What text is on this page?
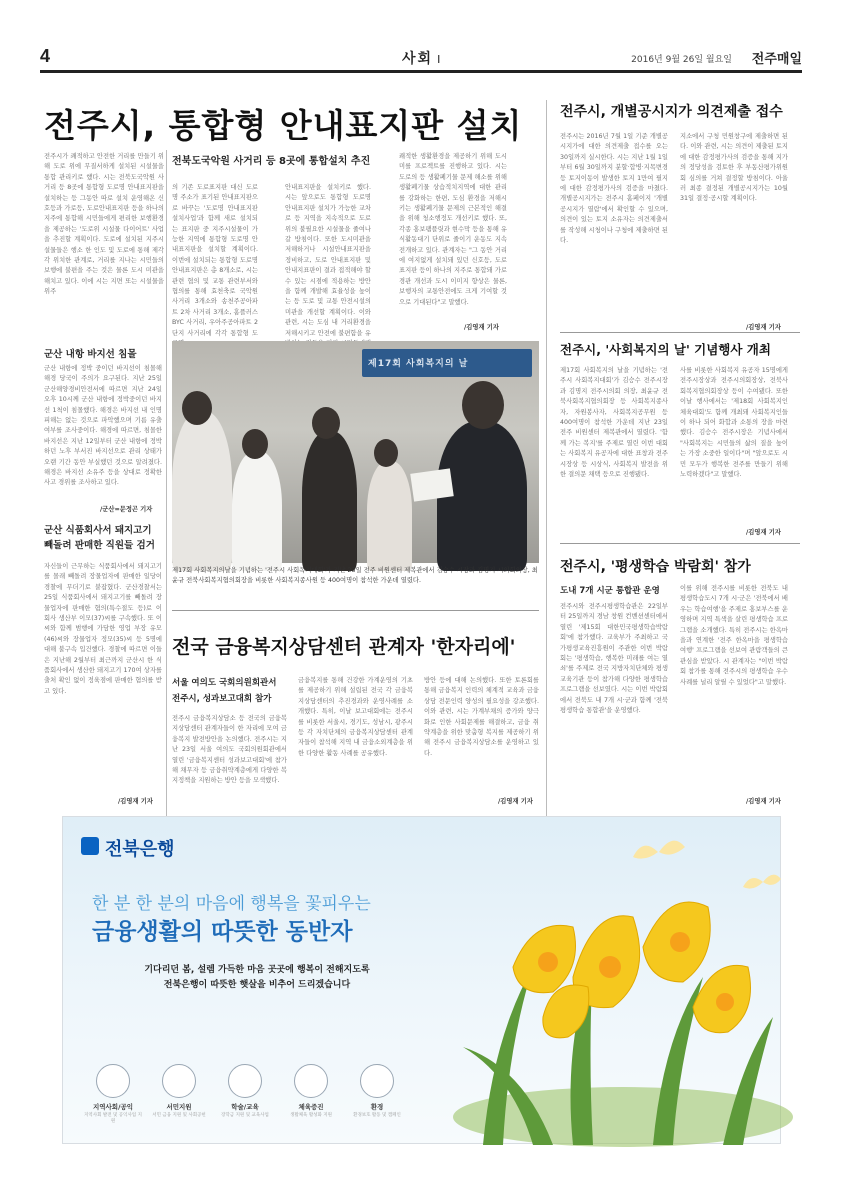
4	사회 I	2016년 9월 26일 월요일 전주매일
전주시, 통합형 안내표지판 설치
전주시가 쾌적하고 안전한 거리를 만들기 위해 도로 위에 무질서하게 설치된 시설물을 통합 관리키로 했다. 시는 전북도국악원 사거리 등 8곳에 통합형 도로명 안내표지판을 설치하는 등 그동안 따로 설치 운영해온 신호등과 가로등, 도로안내표지판 등을 하나의 지주에 통합해 시민들에게 편리한 보행환경을 제공하는 '도로위 시설물 다이어트' 사업을 추진할 계획이다. 도로에 설치된 지주시설물들은 행소 한 인도 및 도로에 통해 제각각 위치한 관계로, 거리를 지나는 시민들의 보행에 불편을 주는 것은 물론 도시 미관을 해치고 있다. 이에 시는 지면 또는 시설물을 위주
전북도국악원 사거리 등 8곳에 통합설치 추진
의 기존 도로표지판 대신 도로명 주소가 표기된 안내표지판으로 바꾸는 '도로명 안내표지판 설치사업'과 함께 새로 설치되는 표지판 중 지주시설물이 가능한 지역에 통합형 도로명 안내표지판을 설치할 계획이다. 이번에 설치되는 통합형 도로명 안내표지판은 총 8개소로, 시는 관련 협의 및 교통 관련부서와 협의를 통해 효천축로 국악원 사거리 3개소와 송천주공아파트 2차 사거리 3개소, 홈플러스 BYC 사거리, 우아주공아파트 2단지 사거리에 각각 통합형 도
안내표지판을 설치키로 했다. 시는 앞으로도 통합형 도로명 안내표지판 설치가 가능한 교차로 등 지역을 지속적으로 도로 위의 불필요한 시설물을 줄여나갈 방침이다. 또한 도시미관을 저해하거나 시설안내표지판을 정비하고, 도로 안내표지판 및 안내지표판이 결과 접적해야 할 수 있는 시점에 적용하는 방안을 함께 개발해 효율성을 높이는 등 도로 및 교통 안전시설의 미관을 개선할 계획이다. 이와 관련, 시는 도심 내 거리환경을 저해시키고 안전에 불편함을 유
쾌적한 생활환경을 제공하기 위해 도시미를 프로젝트를 진행하고 있다. 시는 도로의 등 생활폐기물 문제 해소를 위해 생활폐기물 상습적치지역에 대한 관리를 강화하는 한편, 도심 환경을 저해시키는 생활폐기물 문제의 근본적인 해결을 위해 청소행정도 개선키로 했다. 또, 각종 홍보팸플릿과 현수막 등을 통해 유식활동대기 단위로 줄이기 운동도 지속 전개하고 있다. 관계자는 "그 동안 거리에 여지없게 설치돼 있던 신호등, 도로표지판 등이 하나의 지주로 통합돼 가로경관 개선과 도시 이미지 향상은 물론, 보행자의 교통안전에도 크게 기여할 것으로 기대된다"고 말했다.
/김영재 기자
군산 내항 바지선 침몰
군산 내항에 정박 중이던 바지선이 침몰해 해경 당국이 주의가 요구된다. 지난 25일 군산해양경비안전서에 따르면 지난 24일 오후 10시께 군산 내항에 정박중이던 바지선 1척이 침몰했다. 해경은 바지선 내 인명 피해는 없는 것으로 파악했으며 기름 유출 여부를 조사중이다. 해경에 따르면, 침몰한 바지선은 지난 12일부터 군산 내항에 정박하던 노후 부서진 바지선으로 관리 상태가 오랜 기간 동안 부실했던 것으로 알려졌다. 해경은 바지선 소유주 등을 상대로 정확한 사고 경위를 조사하고 있다.
/군산=문정곤 기자
군산 식품회사서 돼지고기 빼돌려 판매한 직원들 검거
자신들이 근무하는 식품회사에서 돼지고기를 몰래 빼돌려 장물업자에 판매한 일당이 경찰에 무더기로 붙잡혔다. 군산경찰서는 25일 식품회사에서 돼지고기를 빼돌려 장물업자에 판매한 혐의(특수절도 등)로 이 회사 생산부 이모(37)씨를 구속했다. 또 이씨와 함께 범행에 가담한 영업 부장 유모(46)씨와 장물업자 정모(35)씨 등 5명에 대해 불구속 입건했다. 경찰에 따르면 이들은 지난해 2월부터 최근까지 군산시 한 식품회사에서 생산한 돼지고기 170여 상자를 출처 확인 없이 정육점에 판매한 혐의를 받고 있다.
/김영재 기자
제17회 사회복지의 날
제17회 사회복지의날을 기념하는 '전주시 사회복지대회'가 지난 23일 전주 비원센터 제복관에서 김승수 시장과 김명지 시의회의장, 최윤규 전북사회복지협의회장을 비롯한 사회복지종사원 등 400여명이 참석한 가운데 열렸다.
전국 금융복지상담센터 관계자 '한자리에'
서울 여의도 국회의원회관서
전주시, 성과보고대회 참가
전주시 금융복지상담소 등 전국의 금융복지상담센터 관계자들이 한 자리에 모여 금융복지 발전방안을 논의했다. 전주시는 지난 23일 서울 여의도 국회의원회관에서 열린 '금융복지센터 성과보고대회'에 참가해 채무자 등 금융취약계층에게 다양한 복지정책을 지원하는 방안 등을 모색했다.
금융복지를 통해 건강한 가계운영의 기초를 제공하기 위해 설립된 전국 각 금융복지상담센터의 추진경과와 운영사례를 소개했다. 특히, 이날 보고대회에는 전주시를 비롯한 서울시, 경기도, 성남시, 광주시 등 각 자치단체의 금융복지상담센터 관계자들이 참석해 지역 내 금융소외계층을 위한 다양한 활동 사례를 공유했다.
방안 등에 대해 논의했다. 또한 토론회를 통해 금융복지 인력의 체계적 교육과 금융상담 전문인력 양성의 필요성을 강조했다. 이와 관련, 시는 가계부채의 증가와 양극화로 인한 사회문제를 해결하고, 금융 취약계층을 위한 맞춤형 복지를 제공하기 위해 전주시 금융복지상담소를 운영하고 있다.
/김영재 기자
전주시, 개별공시지가 의견제출 접수
전주시는 2016년 7월 1일 기준 개별공시지가에 대한 의견제출 접수를 오는 30일까지 실시한다. 시는 지난 1월 1일부터 6월 30일까지 분할·합병·지목변경 등 토지이동이 발생한 토지 1만여 필지에 대한 감정평가사의 검증을 마쳤다. 개별공시지가는 전주시 홈페이지 '개별공시지가 열람'에서 확인할 수 있으며, 의견이 있는 토지 소유자는 의견제출서를 작성해 시청이나 구청에 제출하면 된다.
지소에서 구청 민원창구에 제출하면 된다. 이와 관련, 시는 의견이 제출된 토지에 대한 감정평가사의 검증을 통해 지가의 정당성을 검토한 후 부동산평가위원회 심의를 거쳐 결정할 방침이다. 아울러 최종 결정된 개별공시지가는 10월 31일 결정·공시할 계획이다.
/김영재 기자
전주시, '사회복지의 날' 기념행사 개최
제17회 사회복지의 날을 기념하는 '전주시 사회복지대회'가 김승수 전주시장과 김명지 전주시의회 의장, 최윤규 전북사회복지협의회장 등 사회복지종사자, 자원봉사자, 사회복지공무원 등 400여명이 참석한 가운데 지난 23일 전주 비원센터 제복관에서 열렸다. '함께 가는 복지'를 주제로 열린 이번 대회는 사회복지 유공자에 대한 표창과 전주시장상 등 시상식, 사회복지 발전을 위한 결의문 채택 등으로 진행됐다.
사를 비롯한 사회복지 유공자 15명에게 전주시장상과 전주시의회장상, 전북사회복지협의회장상 등이 수여됐다. 또한 이날 행사에서는 '제18회 사회복지인 체육대회'도 함께 개최돼 사회복지인들이 하나 되어 화합과 소통의 장을 마련했다. 김승수 전주시장은 기념사에서 "사회복지는 시민들의 삶의 질을 높이는 가장 소중한 일이다"며 "앞으로도 시민 모두가 행복한 전주를 만들기 위해 노력하겠다"고 말했다.
/김영재 기자
전주시, '평생학습 박람회' 참가
도내 7개 시군 통합관 운영
전주시와 전주시평생학습관은 22일부터 25일까지 경남 창원 컨벤션센터에서 열린 '제15회 대한민국평생학습박람회'에 참가했다. 교육부가 주최하고 국가평생교육진흥원이 주관한 이번 박람회는 '평생학습, 행복한 미래를 여는 열쇠'를 주제로 전국 지방자치단체와 평생교육기관 등이 참가해 다양한 평생학습 프로그램을 선보였다. 시는 이번 박람회에서 전북도 내 7개 시·군과 함께 '전북 평생학습 통합관'을 운영했다.
이를 위해 전주시를 비롯한 전북도 내 평생학습도시 7개 시·군은 '전북에서 배우는 학습여행'을 주제로 홍보부스를 운영하며 지역 특색을 살린 평생학습 프로그램을 소개했다. 특히 전주시는 한옥마을과 연계한 '전주 한옥마을 평생학습 여행' 프로그램을 선보여 관람객들의 큰 관심을 받았다. 시 관계자는 "이번 박람회 참가를 통해 전주시의 평생학습 우수사례를 널리 알릴 수 있었다"고 말했다.
/김영재 기자
전북은행
한 분 한 분의 마음에 행복을 꽃피우는
금융생활의 따뜻한 동반자
기다리던 봄, 설렘 가득한 마음 곳곳에 행복이 전해지도록
전북은행이 따뜻한 햇살을 비추어 드리겠습니다
지역사회/공익
지역사회 발전 및 공익사업 지원
서민지원
서민 금융 지원 및 사회공헌
학술/교육
장학금 지원 및 교육사업
체육증진
생활체육 활성화 지원
환경
환경보호 활동 및 캠페인
